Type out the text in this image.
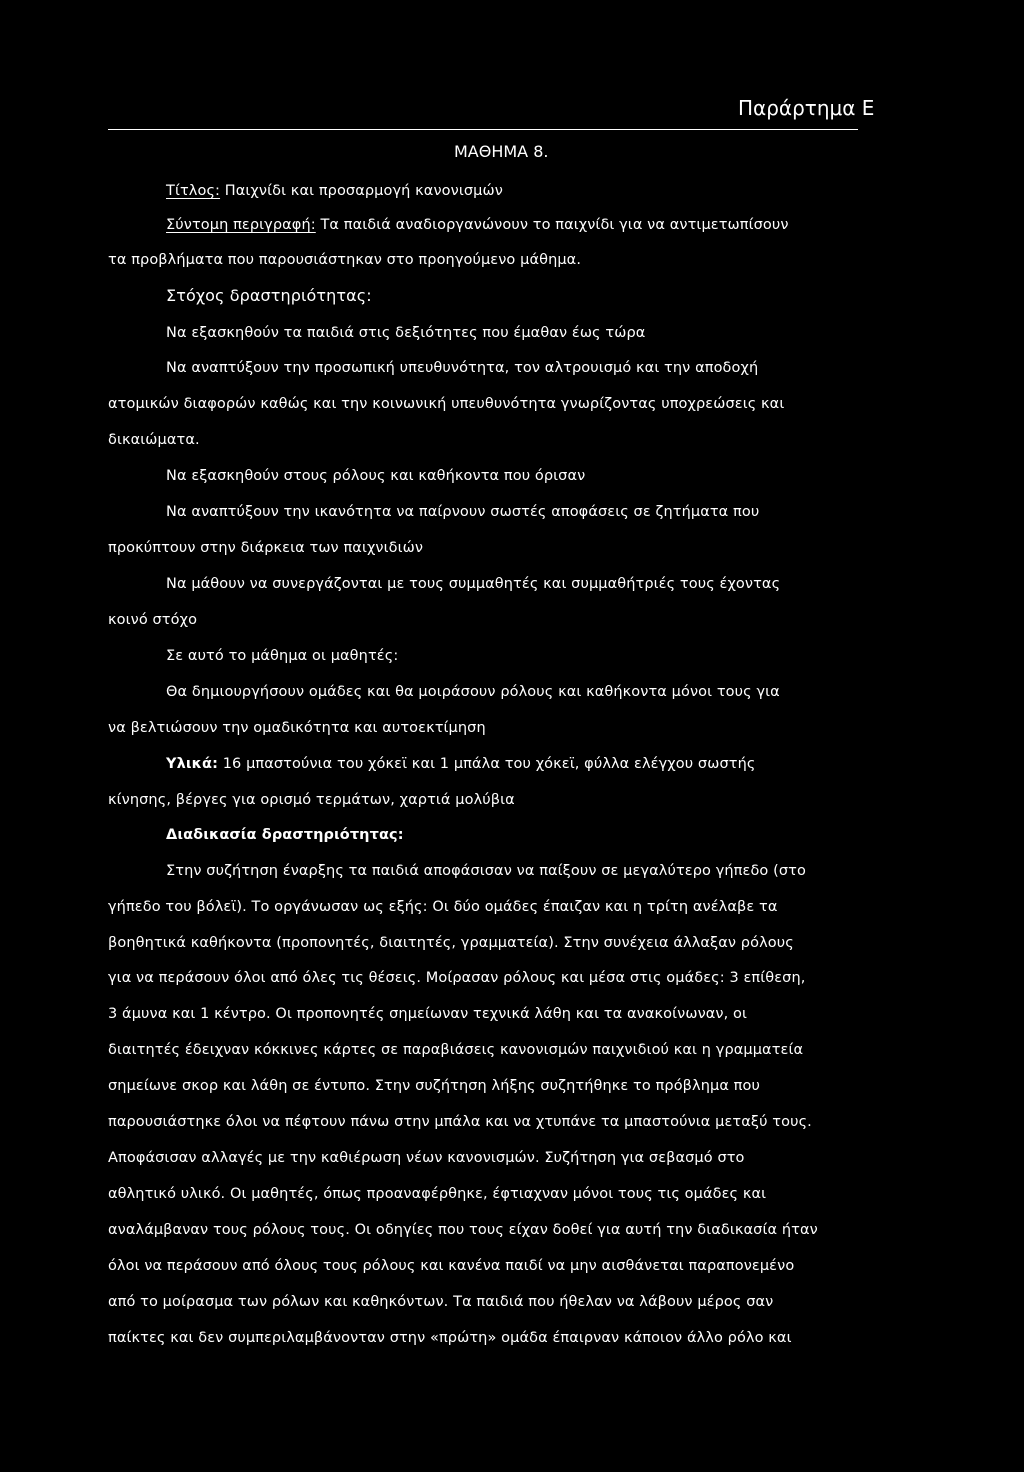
Παράρτημα Ε
ΜΑΘΗΜΑ 8.
Τίτλος: Παιχνίδι και προσαρμογή κανονισμών
Σύντομη περιγραφή: Τα παιδιά αναδιοργανώνουν το παιχνίδι για να αντιμετωπίσουν
τα προβλήματα που παρουσιάστηκαν στο προηγούμενο μάθημα.
Στόχος δραστηριότητας:
Να εξασκηθούν τα παιδιά στις δεξιότητες που έμαθαν έως τώρα
Να αναπτύξουν την προσωπική υπευθυνότητα, τον αλτρουισμό και την αποδοχή
ατομικών διαφορών καθώς και την κοινωνική υπευθυνότητα γνωρίζοντας υποχρεώσεις και
δικαιώματα.
Να εξασκηθούν στους ρόλους και καθήκοντα που όρισαν
Να αναπτύξουν την ικανότητα να παίρνουν σωστές αποφάσεις σε ζητήματα που
προκύπτουν στην διάρκεια των παιχνιδιών
Να μάθουν να συνεργάζονται με τους συμμαθητές και συμμαθήτριές τους έχοντας
κοινό στόχο
Σε αυτό το μάθημα οι μαθητές:
Θα δημιουργήσουν ομάδες και θα μοιράσουν ρόλους και καθήκοντα μόνοι τους για
να βελτιώσουν την ομαδικότητα και αυτοεκτίμηση
Υλικά: 16 μπαστούνια του χόκεϊ και 1 μπάλα του χόκεϊ, φύλλα ελέγχου σωστής
κίνησης, βέργες για ορισμό τερμάτων, χαρτιά μολύβια
Διαδικασία δραστηριότητας:
Στην συζήτηση έναρξης τα παιδιά αποφάσισαν να παίξουν σε μεγαλύτερο γήπεδο (στο
γήπεδο του βόλεϊ). Το οργάνωσαν ως εξής: Οι δύο ομάδες έπαιζαν και η τρίτη ανέλαβε τα
βοηθητικά καθήκοντα (προπονητές, διαιτητές, γραμματεία). Στην συνέχεια άλλαξαν ρόλους
για να περάσουν όλοι από όλες τις θέσεις. Μοίρασαν ρόλους και μέσα στις ομάδες: 3 επίθεση,
3 άμυνα και 1 κέντρο. Οι προπονητές σημείωναν τεχνικά λάθη και τα ανακοίνωναν, οι
διαιτητές έδειχναν κόκκινες κάρτες σε παραβιάσεις κανονισμών παιχνιδιού και η γραμματεία
σημείωνε σκορ και λάθη σε έντυπο. Στην συζήτηση λήξης συζητήθηκε το πρόβλημα που
παρουσιάστηκε όλοι να πέφτουν πάνω στην μπάλα και να χτυπάνε τα μπαστούνια μεταξύ τους.
Αποφάσισαν αλλαγές με την καθιέρωση νέων κανονισμών. Συζήτηση για σεβασμό στο
αθλητικό υλικό. Οι μαθητές, όπως προαναφέρθηκε, έφτιαχναν μόνοι τους τις ομάδες και
αναλάμβαναν τους ρόλους τους. Οι οδηγίες που τους είχαν δοθεί για αυτή την διαδικασία ήταν
όλοι να περάσουν από όλους τους ρόλους και κανένα παιδί να μην αισθάνεται παραπονεμένο
από το μοίρασμα των ρόλων και καθηκόντων. Τα παιδιά που ήθελαν να λάβουν μέρος σαν
παίκτες και δεν συμπεριλαμβάνονταν στην «πρώτη» ομάδα έπαιρναν κάποιον άλλο ρόλο και
